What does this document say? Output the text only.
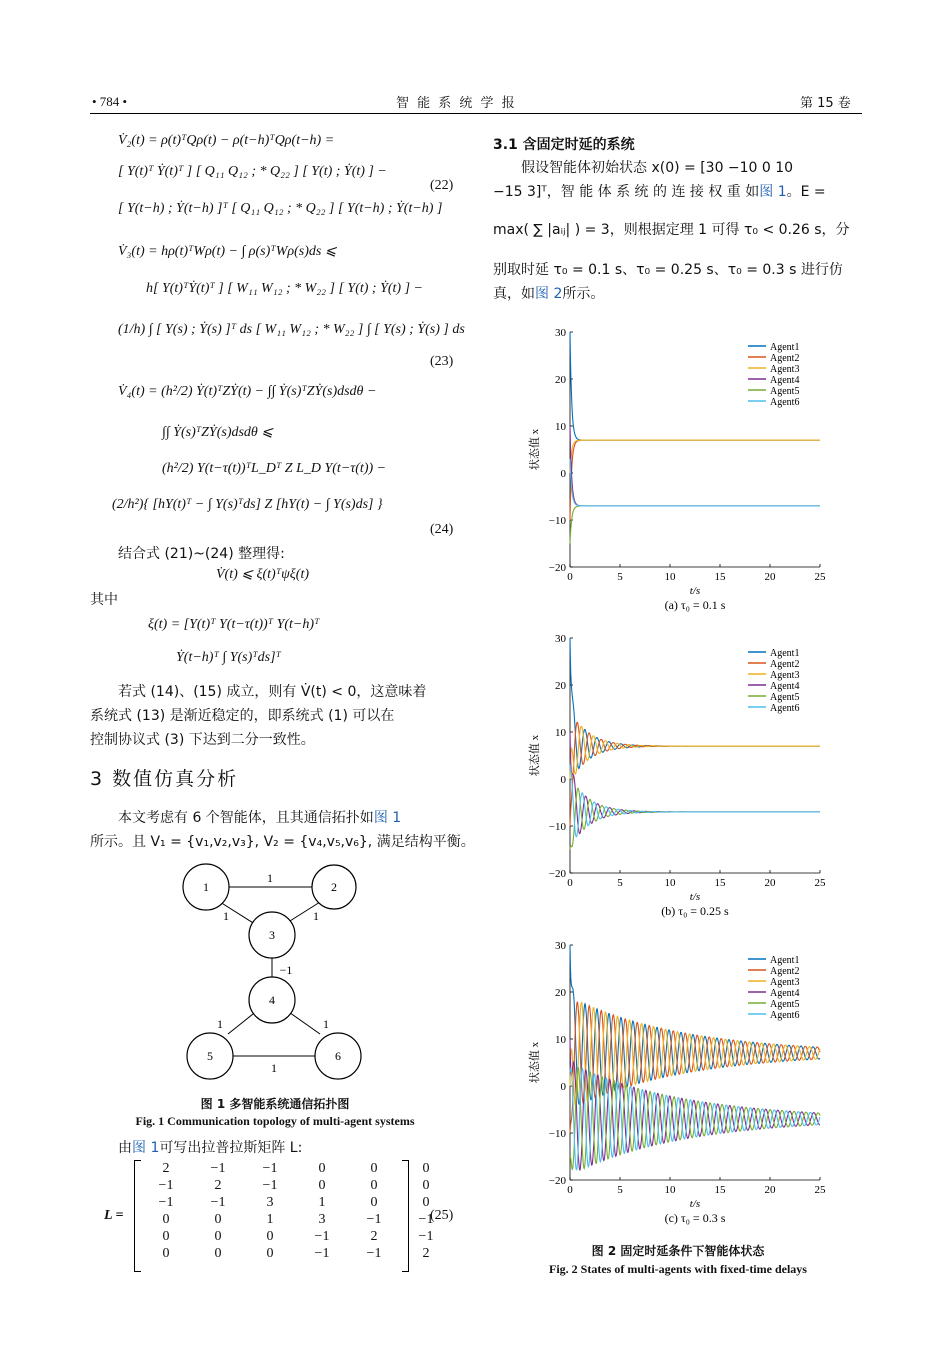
• 784 •	智 能 系 统 学 报	第 15 卷
V̇₂(t) = ρ(t)ᵀQρ(t) − ρ(t−h)ᵀQρ(t−h) =
[ Y(t)ᵀ Ẏ(t)ᵀ ] [ Q₁₁ Q₁₂ ; * Q₂₂ ] [ Y(t) ; Ẏ(t) ] −
[ Y(t−h) ; Ẏ(t−h) ]ᵀ [ Q₁₁ Q₁₂ ; * Q₂₂ ] [ Y(t−h) ; Ẏ(t−h) ]
(22)
V̇₃(t) = hρ(t)ᵀWρ(t) − ∫ ρ(s)ᵀWρ(s)ds ⩽
h[ Y(t)ᵀẎ(t)ᵀ ] [ W₁₁ W₁₂ ; * W₂₂ ] [ Y(t) ; Ẏ(t) ] −
(1/h) ∫ [ Y(s) ; Ẏ(s) ]ᵀ ds [ W₁₁ W₁₂ ; * W₂₂ ] ∫ [ Y(s) ; Ẏ(s) ] ds
(23)
V̇₄(t) = (h²/2) Ẏ(t)ᵀZẎ(t) − ∫∫ Ẏ(s)ᵀZẎ(s)dsdθ −
∫∫ Ẏ(s)ᵀZẎ(s)dsdθ ⩽
(h²/2) Y(t−τ(t))ᵀL_Dᵀ Z L_D Y(t−τ(t)) −
(2/h²){ [hY(t)ᵀ − ∫ Y(s)ᵀds] Z [hY(t) − ∫ Y(s)ds] }
(24)
结合式 (21)~(24) 整理得:
V̇(t) ⩽ ξ(t)ᵀψξ(t)
其中
ξ(t) = [Y(t)ᵀ Y(t−τ(t))ᵀ Y(t−h)ᵀ
Ẏ(t−h)ᵀ ∫ Y(s)ᵀds]ᵀ
若式 (14)、(15) 成立，则有 V̇(t) < 0，这意味着
系统式 (13) 是渐近稳定的，即系统式 (1) 可以在
控制协议式 (3) 下达到二分一致性。
3 数值仿真分析
本文考虑有 6 个智能体，且其通信拓扑如图 1
所示。且 V₁ = {v₁,v₂,v₃}, V₂ = {v₄,v₅,v₆}, 满足结构平衡。
1	2
3
4
5	6
1
1	1
−1
1	1
1
图 1 多智能系统通信拓扑图
Fig. 1 Communication topology of multi-agent systems
由图 1可写出拉普拉斯矩阵 L:
L =
2	−1	−1	0	0	0
−1	2	−1	0	0	0
−1	−1	3	1	0	0
0	0	1	3	−1	−1
0	0	0	−1	2	−1
0	0	0	−1	−1	2
(25)
3.1 含固定时延的系统
假设智能体初始状态 x(0) = [30 −10 0 10
−15 3]ᵀ，智 能 体 系 统 的 连 接 权 重 如图 1。E =
max( ∑ |aᵢⱼ| ) = 3，则根据定理 1 可得 τ₀ < 0.26 s，分
别取时延 τ₀ = 0.1 s、τ₀ = 0.25 s、τ₀ = 0.3 s 进行仿
真，如图 2所示。
0	5	10	15	20	25
30
20
10
0
−10
−20
t/s
状态值 x
(a) τ₀ = 0.1 s
Agent1
Agent2
Agent3
Agent4
Agent5
Agent6
0	5	10	15	20	25
30
20
10
0
−10
−20
t/s
状态值 x
(b) τ₀ = 0.25 s
Agent1
Agent2
Agent3
Agent4
Agent5
Agent6
0	5	10	15	20	25
30
20
10
0
−10
−20
t/s
状态值 x
(c) τ₀ = 0.3 s
Agent1
Agent2
Agent3
Agent4
Agent5
Agent6
图 2 固定时延条件下智能体状态
Fig. 2 States of multi-agents with fixed-time delays
